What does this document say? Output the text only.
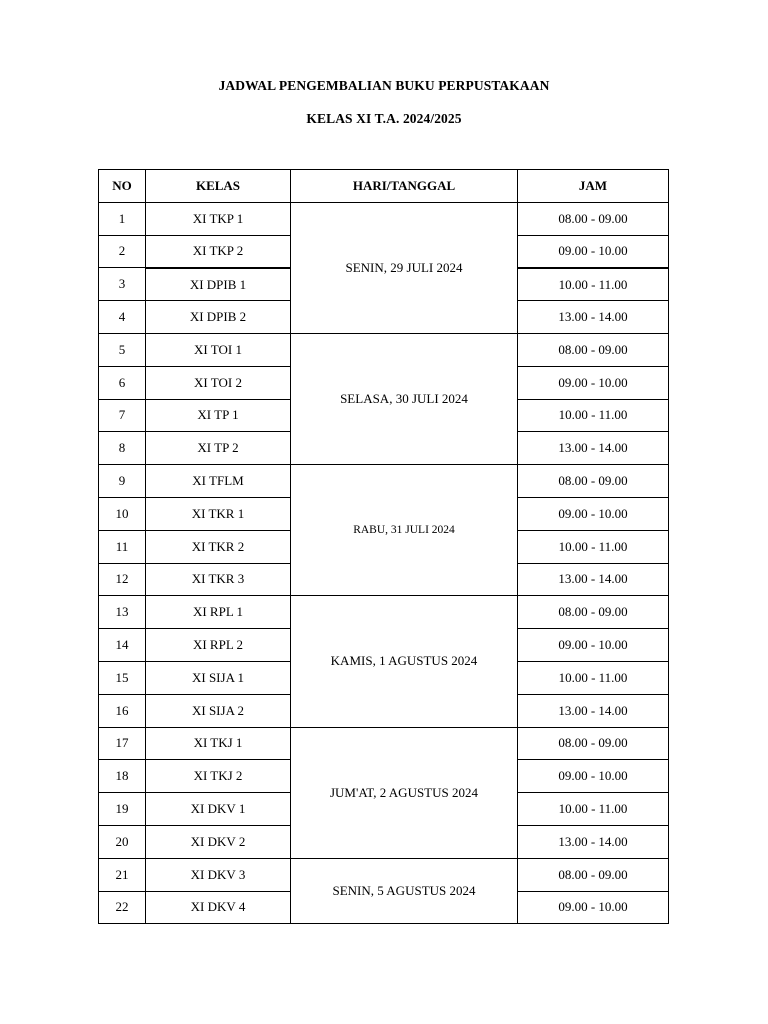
JADWAL PENGEMBALIAN BUKU PERPUSTAKAAN
KELAS XI T.A. 2024/2025
NO	KELAS	HARI/TANGGAL	JAM
1	XI TKP 1	SENIN, 29 JULI 2024	08.00 - 09.00
2	XI TKP 2		09.00 - 10.00
3	XI DPIB 1		10.00 - 11.00
4	XI DPIB 2		13.00 - 14.00
5	XI TOI 1	SELASA, 30 JULI 2024	08.00 - 09.00
6	XI TOI 2		09.00 - 10.00
7	XI TP 1		10.00 - 11.00
8	XI TP 2		13.00 - 14.00
9	XI TFLM	RABU, 31 JULI 2024	08.00 - 09.00
10	XI TKR 1		09.00 - 10.00
11	XI TKR 2		10.00 - 11.00
12	XI TKR 3		13.00 - 14.00
13	XI RPL 1	KAMIS, 1 AGUSTUS 2024	08.00 - 09.00
14	XI RPL 2		09.00 - 10.00
15	XI SIJA 1		10.00 - 11.00
16	XI SIJA 2		13.00 - 14.00
17	XI TKJ 1	JUM'AT, 2 AGUSTUS 2024	08.00 - 09.00
18	XI TKJ 2		09.00 - 10.00
19	XI DKV 1		10.00 - 11.00
20	XI DKV 2		13.00 - 14.00
21	XI DKV 3	SENIN, 5 AGUSTUS 2024	08.00 - 09.00
22	XI DKV 4		09.00 - 10.00
